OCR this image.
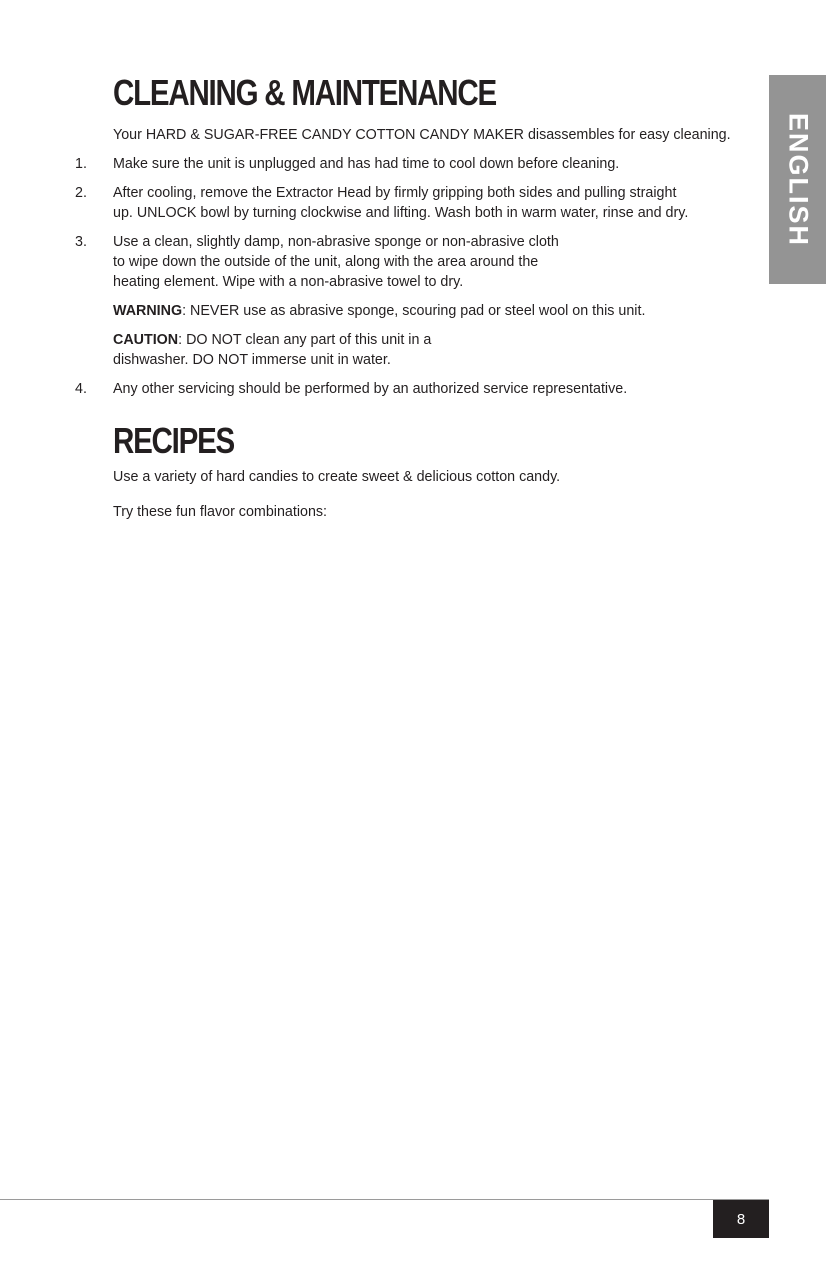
ENGLISH
CLEANING & MAINTENANCE

Your HARD & SUGAR-FREE CANDY COTTON CANDY MAKER disassembles for easy cleaning.

1. Make sure the unit is unplugged and has had time to cool down before cleaning.

2. After cooling, remove the Extractor Head by firmly gripping both sides and pulling straight

up. UNLOCK bowl by turning clockwise and lifting. Wash both in warm water, rinse and dry.

3. Use a clean, slightly damp, non-abrasive sponge or non-abrasive cloth

to wipe down the outside of the unit, along with the area around the

heating element. Wipe with a non-abrasive towel to dry.

WARNING: NEVER use as abrasive sponge, scouring pad or steel wool on this unit.

CAUTION: DO NOT clean any part of this unit in a

dishwasher. DO NOT immerse unit in water.

4. Any other servicing should be performed by an authorized service representative.

RECIPES

Use a variety of hard candies to create sweet & delicious cotton candy.

Try these fun flavor combinations:

8
